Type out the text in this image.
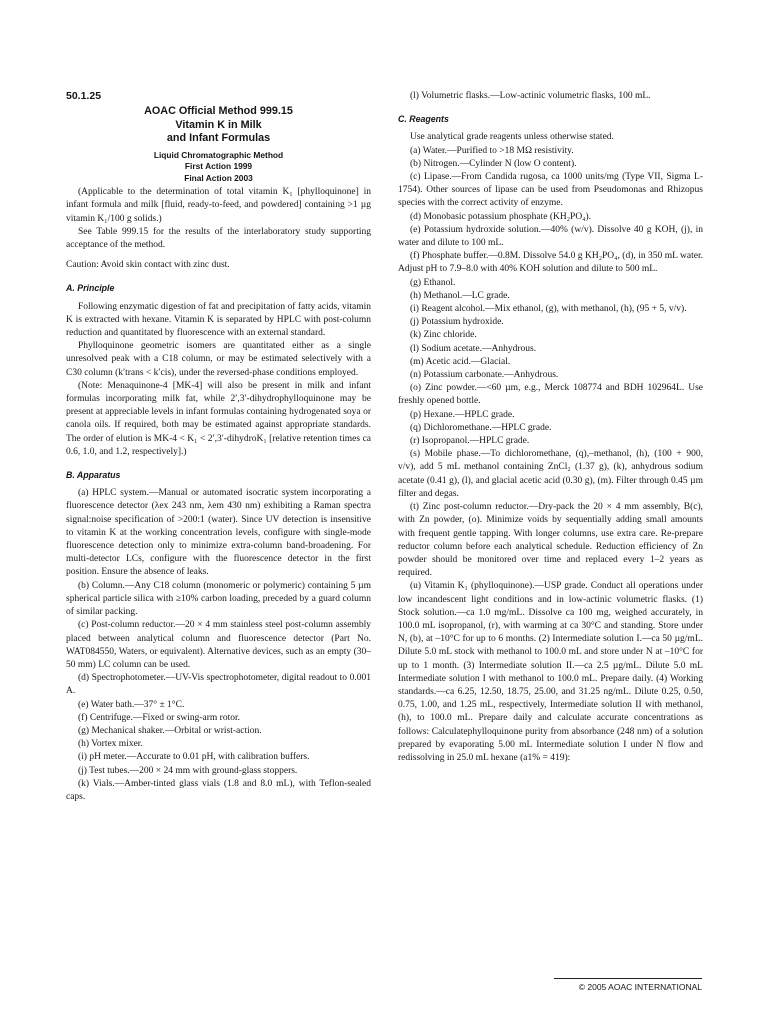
50.1.25

AOAC Official Method 999.15

Vitamin K in Milk

and Infant Formulas

Liquid Chromatographic Method

First Action 1999

Final Action 2003

(Applicable to the determination of total vitamin K₁ [phylloquinone] in infant formula and milk [fluid, ready-to-feed, and powdered] containing >1 µg vitamin K₁/100 g solids.)

See Table 999.15 for the results of the interlaboratory study supporting acceptance of the method.

Caution: Avoid skin contact with zinc dust.

A. Principle

Following enzymatic digestion of fat and precipitation of fatty acids, vitamin K is extracted with hexane. Vitamin K is separated by HPLC with post-column reduction and quantitated by fluorescence with an external standard.

Phylloquinone geometric isomers are quantitated either as a single unresolved peak with a C18 column, or may be estimated selectively with a C30 column (k′trans < k′cis), under the reversed-phase conditions employed.

(Note: Menaquinone-4 [MK-4] will also be present in milk and infant formulas incorporating milk fat, while 2′,3′-dihydrophylloquinone may be present at appreciable levels in infant formulas containing hydrogenated soya or canola oils. If required, both may be estimated against appropriate standards. The order of elution is MK-4 < K₁ < 2′,3′-dihydroK₁ [relative retention times ca 0.6, 1.0, and 1.2, respectively].)

B. Apparatus

(a) HPLC system.—Manual or automated isocratic system incorporating a fluorescence detector (λex 243 nm, λem 430 nm) exhibiting a Raman spectra signal:noise specification of >200:1 (water). Since UV detection is insensitive to vitamin K at the working concentration levels, configure with single-mode fluorescence detection only to minimize extra-column band-broadening. For multi-detector LCs, configure with the fluorescence detector in the first position. Ensure the absence of leaks.

(b) Column.—Any C18 column (monomeric or polymeric) containing 5 µm spherical particle silica with ≥10% carbon loading, preceded by a guard column of similar packing.

(c) Post-column reductor.—20 × 4 mm stainless steel post-column assembly placed between analytical column and fluorescence detector (Part No. WAT084550, Waters, or equivalent). Alternative devices, such as an empty (30–50 mm) LC column can be used.

(d) Spectrophotometer.—UV-Vis spectrophotometer, digital readout to 0.001 A.

(e) Water bath.—37° ± 1°C.

(f) Centrifuge.—Fixed or swing-arm rotor.

(g) Mechanical shaker.—Orbital or wrist-action.

(h) Vortex mixer.

(i) pH meter.—Accurate to 0.01 pH, with calibration buffers.

(j) Test tubes.—200 × 24 mm with ground-glass stoppers.

(k) Vials.—Amber-tinted glass vials (1.8 and 8.0 mL), with Teflon-sealed caps.

(l) Volumetric flasks.—Low-actinic volumetric flasks, 100 mL.

C. Reagents

Use analytical grade reagents unless otherwise stated.

(a) Water.—Purified to >18 MΩ resistivity.

(b) Nitrogen.—Cylinder N (low O content).

(c) Lipase.—From Candida rugosa, ca 1000 units/mg (Type VII, Sigma L-1754). Other sources of lipase can be used from Pseudomonas and Rhizopus species with the correct activity of enzyme.

(d) Monobasic potassium phosphate (KH₂PO₄).

(e) Potassium hydroxide solution.—40% (w/v). Dissolve 40 g KOH, (j), in water and dilute to 100 mL.

(f) Phosphate buffer.—0.8M. Dissolve 54.0 g KH₂PO₄, (d), in 350 mL water. Adjust pH to 7.9–8.0 with 40% KOH solution and dilute to 500 mL.

(g) Ethanol.

(h) Methanol.—LC grade.

(i) Reagent alcohol.—Mix ethanol, (g), with methanol, (h), (95 + 5, v/v).

(j) Potassium hydroxide.

(k) Zinc chloride.

(l) Sodium acetate.—Anhydrous.

(m) Acetic acid.—Glacial.

(n) Potassium carbonate.—Anhydrous.

(o) Zinc powder.—<60 µm, e.g., Merck 108774 and BDH 102964L. Use freshly opened bottle.

(p) Hexane.—HPLC grade.

(q) Dichloromethane.—HPLC grade.

(r) Isopropanol.—HPLC grade.

(s) Mobile phase.—To dichloromethane, (q),–methanol, (h), (100 + 900, v/v), add 5 mL methanol containing ZnCl₂ (1.37 g), (k), anhydrous sodium acetate (0.41 g), (l), and glacial acetic acid (0.30 g), (m). Filter through 0.45 µm filter and degas.

(t) Zinc post-column reductor.—Dry-pack the 20 × 4 mm assembly, B(c), with Zn powder, (o). Minimize voids by sequentially adding small amounts with frequent gentle tapping. With longer columns, use extra care. Re-prepare reductor column before each analytical schedule. Reduction efficiency of Zn powder should be monitored over time and replaced every 1–2 years as required.

(u) Vitamin K₁ (phylloquinone).—USP grade. Conduct all operations under low incandescent light conditions and in low-actinic volumetric flasks. (1) Stock solution.—ca 1.0 mg/mL. Dissolve ca 100 mg, weighed accurately, in 100.0 mL isopropanol, (r), with warming at ca 30°C and standing. Store under N, (b), at –10°C for up to 6 months. (2) Intermediate solution I.—ca 50 µg/mL. Dilute 5.0 mL stock with methanol to 100.0 mL and store under N at –10°C for up to 1 month. (3) Intermediate solution II.—ca 2.5 µg/mL. Dilute 5.0 mL Intermediate solution I with methanol to 100.0 mL. Prepare daily. (4) Working standards.—ca 6.25, 12.50, 18.75, 25.00, and 31.25 ng/mL. Dilute 0.25, 0.50, 0.75, 1.00, and 1.25 mL, respectively, Intermediate solution II with methanol, (h), to 100.0 mL. Prepare daily and calculate accurate concentrations as follows: Calculatephylloquinone purity from absorbance (248 nm) of a solution prepared by evaporating 5.00 mL Intermediate solution I under N flow and redissolving in 25.0 mL hexane (a1% = 419):

© 2005 AOAC INTERNATIONAL
